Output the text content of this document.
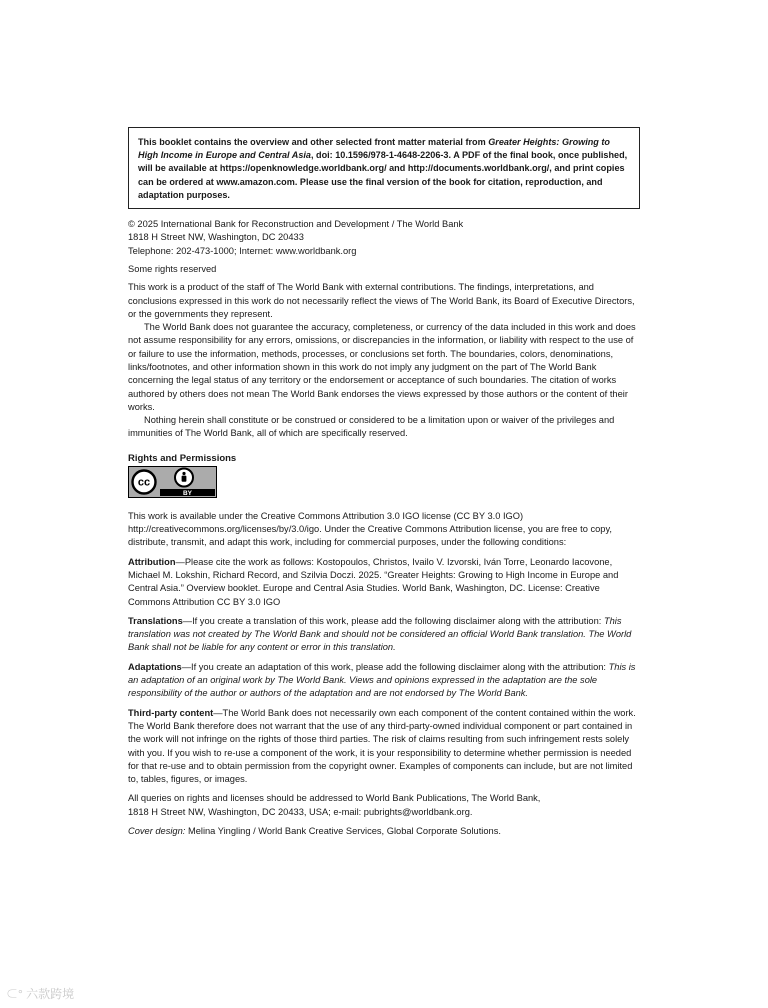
This booklet contains the overview and other selected front matter material from Greater Heights: Growing to High Income in Europe and Central Asia, doi: 10.1596/978-1-4648-2206-3. A PDF of the final book, once published, will be available at https://openknowledge.worldbank.org/ and http://documents.worldbank.org/, and print copies can be ordered at www.amazon.com. Please use the final version of the book for citation, reproduction, and adaptation purposes.
© 2025 International Bank for Reconstruction and Development / The World Bank
1818 H Street NW, Washington, DC 20433
Telephone: 202-473-1000; Internet: www.worldbank.org
Some rights reserved
This work is a product of the staff of The World Bank with external contributions. The findings, interpretations, and conclusions expressed in this work do not necessarily reflect the views of The World Bank, its Board of Executive Directors, or the governments they represent.
The World Bank does not guarantee the accuracy, completeness, or currency of the data included in this work and does not assume responsibility for any errors, omissions, or discrepancies in the information, or liability with respect to the use of or failure to use the information, methods, processes, or conclusions set forth. The boundaries, colors, denominations, links/footnotes, and other information shown in this work do not imply any judgment on the part of The World Bank concerning the legal status of any territory or the endorsement or acceptance of such boundaries. The citation of works authored by others does not mean The World Bank endorses the views expressed by those authors or the content of their works.
Nothing herein shall constitute or be construed or considered to be a limitation upon or waiver of the privileges and immunities of The World Bank, all of which are specifically reserved.
Rights and Permissions
cc
BY
This work is available under the Creative Commons Attribution 3.0 IGO license (CC BY 3.0 IGO) http://creativecommons.org/licenses/by/3.0/igo. Under the Creative Commons Attribution license, you are free to copy, distribute, transmit, and adapt this work, including for commercial purposes, under the following conditions:
Attribution—Please cite the work as follows: Kostopoulos, Christos, Ivailo V. Izvorski, Iván Torre, Leonardo Iacovone, Michael M. Lokshin, Richard Record, and Szilvia Doczi. 2025. “Greater Heights: Growing to High Income in Europe and Central Asia.” Overview booklet. Europe and Central Asia Studies. World Bank, Washington, DC. License: Creative Commons Attribution CC BY 3.0 IGO
Translations—If you create a translation of this work, please add the following disclaimer along with the attribution: This translation was not created by The World Bank and should not be considered an official World Bank translation. The World Bank shall not be liable for any content or error in this translation.
Adaptations—If you create an adaptation of this work, please add the following disclaimer along with the attribution: This is an adaptation of an original work by The World Bank. Views and opinions expressed in the adaptation are the sole responsibility of the author or authors of the adaptation and are not endorsed by The World Bank.
Third-party content—The World Bank does not necessarily own each component of the content contained within the work. The World Bank therefore does not warrant that the use of any third-party-owned individual component or part contained in the work will not infringe on the rights of those third parties. The risk of claims resulting from such infringement rests solely with you. If you wish to re-use a component of the work, it is your responsibility to determine whether permission is needed for that re-use and to obtain permission from the copyright owner. Examples of components can include, but are not limited to, tables, figures, or images.
All queries on rights and licenses should be addressed to World Bank Publications, The World Bank,
1818 H Street NW, Washington, DC 20433, USA; e-mail: pubrights@worldbank.org.
Cover design: Melina Yingling / World Bank Creative Services, Global Corporate Solutions.
⊂° 六款跨境
